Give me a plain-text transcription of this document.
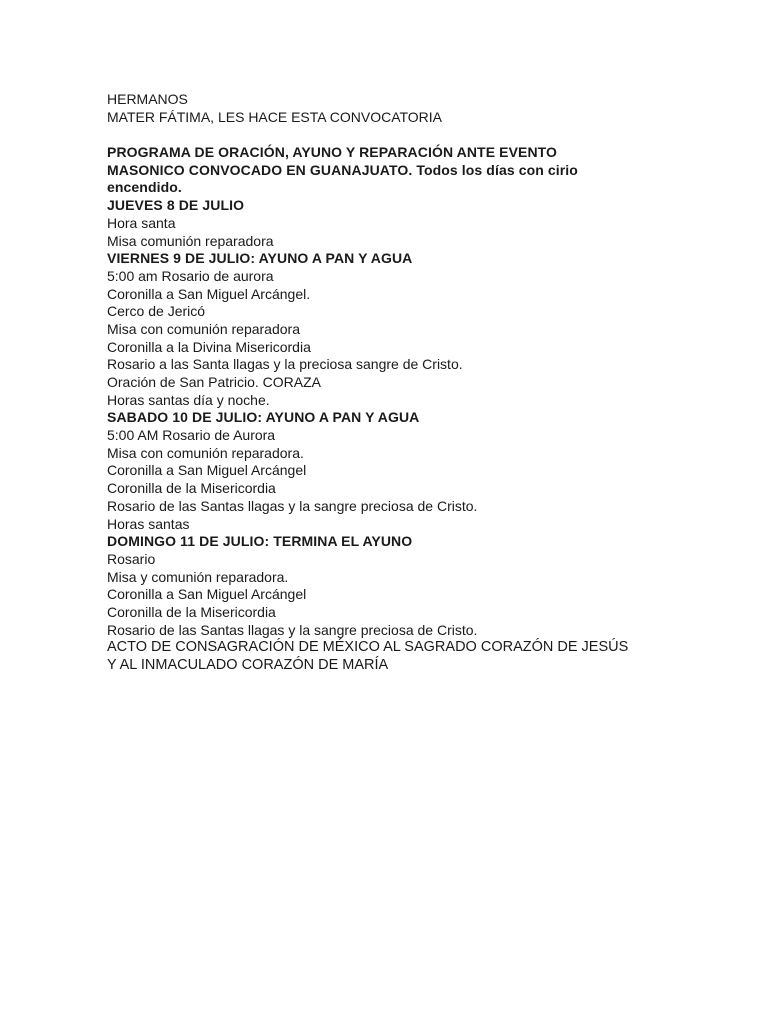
HERMANOS
MATER FÁTIMA, LES HACE ESTA CONVOCATORIA
PROGRAMA DE ORACIÓN, AYUNO Y REPARACIÓN ANTE EVENTO
MASONICO CONVOCADO EN GUANAJUATO. Todos los días con cirio
encendido.
JUEVES 8 DE JULIO
Hora santa
Misa comunión reparadora
VIERNES 9 DE JULIO: AYUNO A PAN Y AGUA
5:00 am Rosario de aurora
Coronilla a San Miguel Arcángel.
Cerco de Jericó
Misa con comunión reparadora
Coronilla a la Divina Misericordia
Rosario a las Santa llagas y la preciosa sangre de Cristo.
Oración de San Patricio. CORAZA
Horas santas día y noche.
SABADO 10 DE JULIO: AYUNO A PAN Y AGUA
5:00 AM Rosario de Aurora
Misa con comunión reparadora.
Coronilla a San Miguel Arcángel
Coronilla de la Misericordia
Rosario de las Santas llagas y la sangre preciosa de Cristo.
Horas santas
DOMINGO 11 DE JULIO: TERMINA EL AYUNO
Rosario
Misa y comunión reparadora.
Coronilla a San Miguel Arcángel
Coronilla de la Misericordia
Rosario de las Santas llagas y la sangre preciosa de Cristo.
ACTO DE CONSAGRACIÓN DE MÉXICO AL SAGRADO CORAZÓN DE JESÚS
Y AL INMACULADO CORAZÓN DE MARÍA
